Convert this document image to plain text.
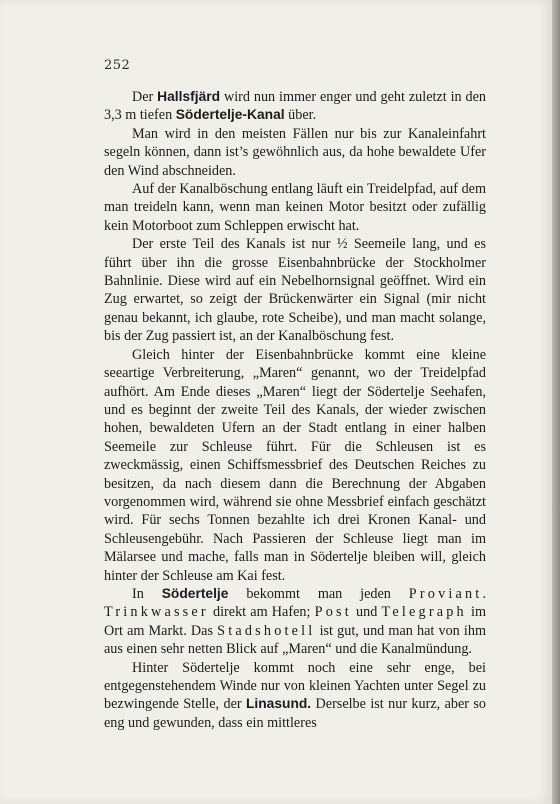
252

Der Hallsfjärd wird nun immer enger und geht zuletzt in den 3,3 m tiefen Södertelje-Kanal über.

Man wird in den meisten Fällen nur bis zur Kanaleinfahrt segeln können, dann ist’s gewöhnlich aus, da hohe bewaldete Ufer den Wind abschneiden.

Auf der Kanalböschung entlang läuft ein Treidelpfad, auf dem man treideln kann, wenn man keinen Motor besitzt oder zufällig kein Motorboot zum Schleppen erwischt hat.

Der erste Teil des Kanals ist nur ½ Seemeile lang, und es führt über ihn die grosse Eisenbahnbrücke der Stockholmer Bahnlinie. Diese wird auf ein Nebelhornsignal geöffnet. Wird ein Zug erwartet, so zeigt der Brückenwärter ein Signal (mir nicht genau bekannt, ich glaube, rote Scheibe), und man macht solange, bis der Zug passiert ist, an der Kanalböschung fest.

Gleich hinter der Eisenbahnbrücke kommt eine kleine seeartige Verbreiterung, „Maren“ genannt, wo der Treidelpfad aufhört. Am Ende dieses „Maren“ liegt der Södertelje Seehafen, und es beginnt der zweite Teil des Kanals, der wieder zwischen hohen, bewaldeten Ufern an der Stadt entlang in einer halben Seemeile zur Schleuse führt. Für die Schleusen ist es zweckmässig, einen Schiffsmessbrief des Deutschen Reiches zu besitzen, da nach diesem dann die Berechnung der Abgaben vorgenommen wird, während sie ohne Messbrief einfach geschätzt wird. Für sechs Tonnen bezahlte ich drei Kronen Kanal- und Schleusengebühr. Nach Passieren der Schleuse liegt man im Mälarsee und mache, falls man in Södertelje bleiben will, gleich hinter der Schleuse am Kai fest.

In Södertelje bekommt man jeden Proviant. Trinkwasser direkt am Hafen; Post und Telegraph im Ort am Markt. Das Stadshotell ist gut, und man hat von ihm aus einen sehr netten Blick auf „Maren“ und die Kanalmündung.

Hinter Södertelje kommt noch eine sehr enge, bei entgegenstehendem Winde nur von kleinen Yachten unter Segel zu bezwingende Stelle, der Linasund. Derselbe ist nur kurz, aber so eng und gewunden, dass ein mittleres
